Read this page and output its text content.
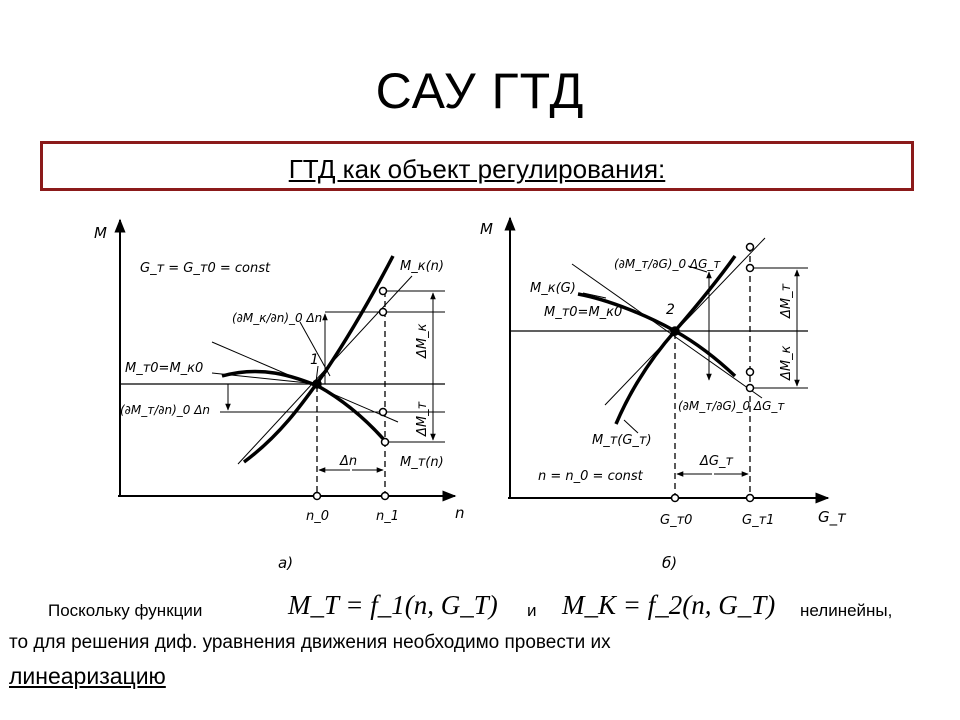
САУ ГТД
ГТД как объект регулирования:
M
n
G_т = G_т0 = const	M_к(n)
M_т(n)
M_т0=M_к0
1
(∂M_к/∂n)_0 Δn
(∂M_т/∂n)_0 Δn
ΔM_к
ΔM_т
Δn
n_0	n_1
а)
M
G_т
n = n_0 = const
M_к(G)
M_т0=M_к0
M_т(G_т)
2
(∂M_т/∂G)_0 ΔG_т
(∂M_т/∂G)_0 ΔG_т
ΔM_т
ΔM_к
ΔG_т
G_т0	G_т1
б)
Поскольку функции	M_T = f_1(n, G_T) и M_K = f_2(n, G_T) нелинейны,
то для решения диф. уравнения движения необходимо провести их
линеаризацию
